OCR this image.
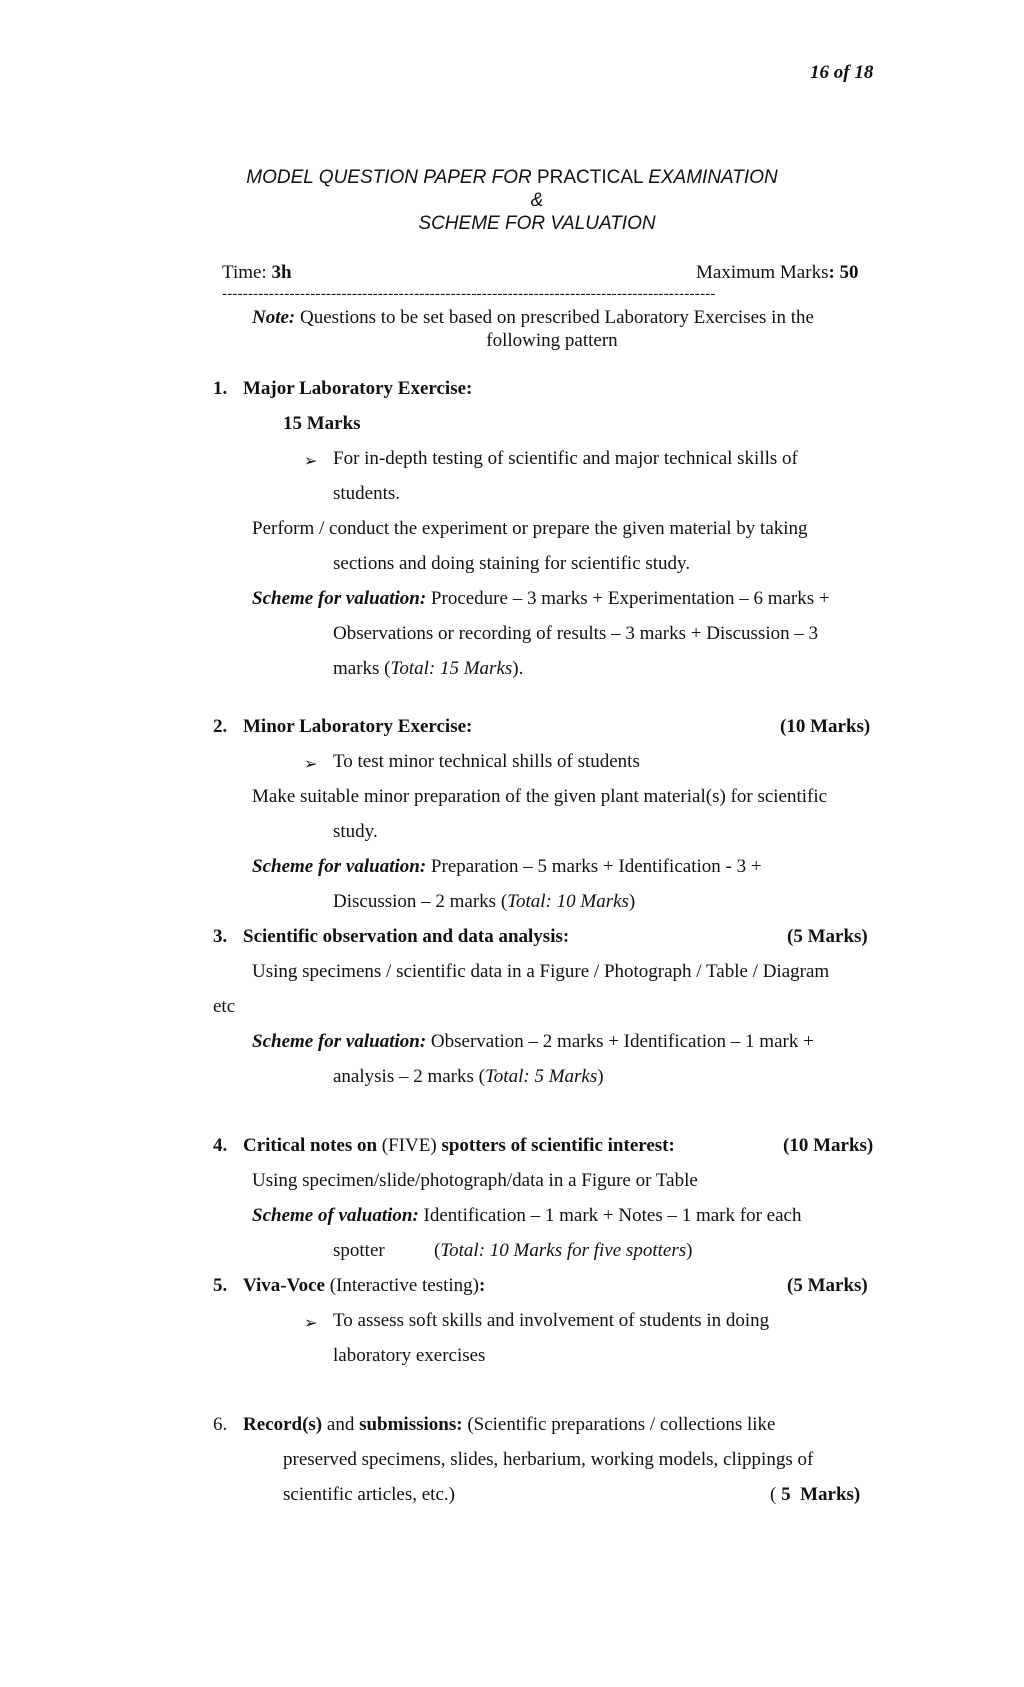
16 of 18
MODEL QUESTION PAPER FOR PRACTICAL EXAMINATION
&
SCHEME FOR VALUATION
Time: 3h	Maximum Marks: 50
-----------------------------------------------------------------------------------------------
Note: Questions to be set based on prescribed Laboratory Exercises in the
following pattern
1. Major Laboratory Exercise:
15 Marks
➢ For in-depth testing of scientific and major technical skills of
students.
Perform / conduct the experiment or prepare the given material by taking
sections and doing staining for scientific study.
Scheme for valuation: Procedure – 3 marks + Experimentation – 6 marks +
Observations or recording of results – 3 marks + Discussion – 3
marks (Total: 15 Marks).
2. Minor Laboratory Exercise:	(10 Marks)
➢ To test minor technical shills of students
Make suitable minor preparation of the given plant material(s) for scientific
study.
Scheme for valuation: Preparation – 5 marks + Identification - 3 +
Discussion – 2 marks (Total: 10 Marks)
3. Scientific observation and data analysis:	(5 Marks)
Using specimens / scientific data in a Figure / Photograph / Table / Diagram
etc
Scheme for valuation: Observation – 2 marks + Identification – 1 mark +
analysis – 2 marks (Total: 5 Marks)
4. Critical notes on (FIVE) spotters of scientific interest:	(10 Marks)
Using specimen/slide/photograph/data in a Figure or Table
Scheme of valuation: Identification – 1 mark + Notes – 1 mark for each
spotter	(Total: 10 Marks for five spotters)
5. Viva-Voce (Interactive testing):	(5 Marks)
➢ To assess soft skills and involvement of students in doing
laboratory exercises
6. Record(s) and submissions: (Scientific preparations / collections like
preserved specimens, slides, herbarium, working models, clippings of
scientific articles, etc.)	( 5  Marks)
